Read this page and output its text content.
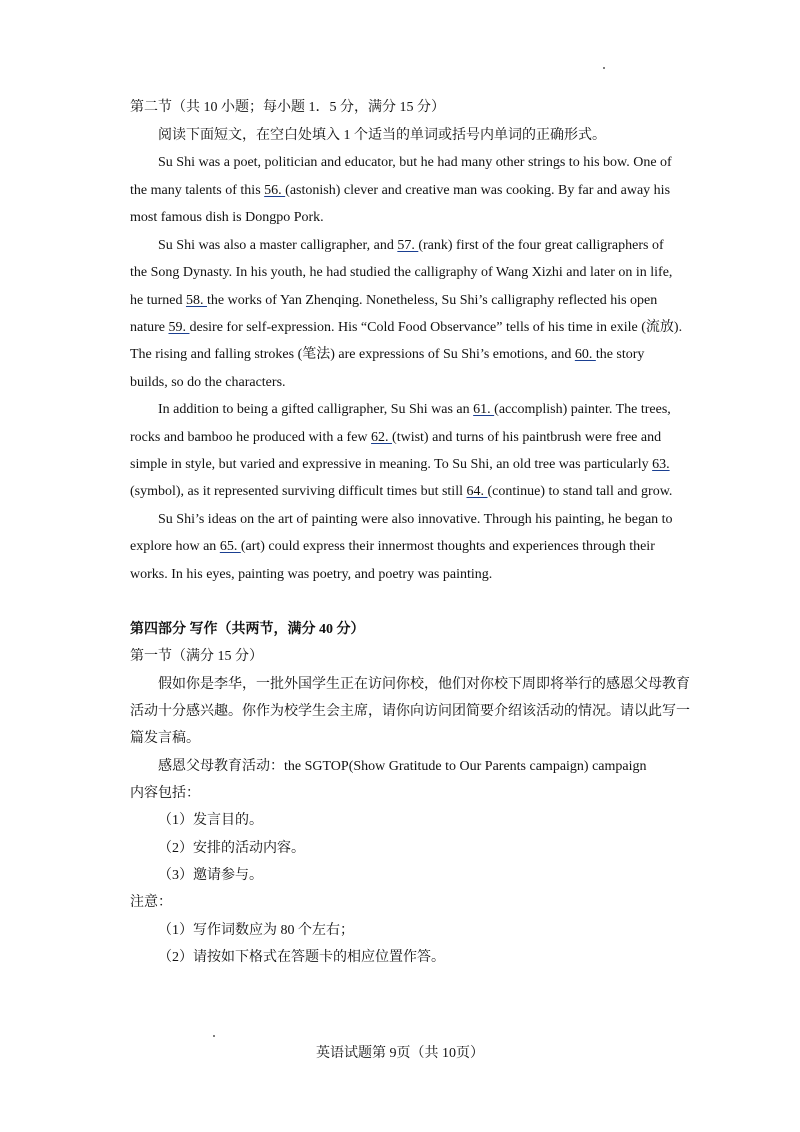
第二节（共 10 小题；每小题 1．5 分，满分 15 分）
阅读下面短文，在空白处填入 1 个适当的单词或括号内单词的正确形式。
Su Shi was a poet, politician and educator, but he had many other strings to his bow. One of
the many talents of this 56. (astonish) clever and creative man was cooking. By far and away his
most famous dish is Dongpo Pork.
Su Shi was also a master calligrapher, and 57. (rank) first of the four great calligraphers of
the Song Dynasty. In his youth, he had studied the calligraphy of Wang Xizhi and later on in life,
he turned 58. the works of Yan Zhenqing. Nonetheless, Su Shi’s calligraphy reflected his open
nature 59. desire for self-expression. His “Cold Food Observance” tells of his time in exile (流放).
The rising and falling strokes (笔法) are expressions of Su Shi’s emotions, and 60. the story
builds, so do the characters.
In addition to being a gifted calligrapher, Su Shi was an 61. (accomplish) painter. The trees,
rocks and bamboo he produced with a few 62. (twist) and turns of his paintbrush were free and
simple in style, but varied and expressive in meaning. To Su Shi, an old tree was particularly 63.
(symbol), as it represented surviving difficult times but still 64. (continue) to stand tall and grow.
Su Shi’s ideas on the art of painting were also innovative. Through his painting, he began to
explore how an 65. (art) could express their innermost thoughts and experiences through their
works. In his eyes, painting was poetry, and poetry was painting.
第四部分 写作（共两节，满分 40 分）
第一节（满分 15 分）
假如你是李华，一批外国学生正在访问你校，他们对你校下周即将举行的感恩父母教育
活动十分感兴趣。你作为校学生会主席，请你向访问团简要介绍该活动的情况。请以此写一
篇发言稿。
感恩父母教育活动：the SGTOP(Show Gratitude to Our Parents campaign) campaign
内容包括：
（1）发言目的。
（2）安排的活动内容。
（3）邀请参与。
注意：
（1）写作词数应为 80 个左右；
（2）请按如下格式在答题卡的相应位置作答。
英语试题第 9页（共 10页）
